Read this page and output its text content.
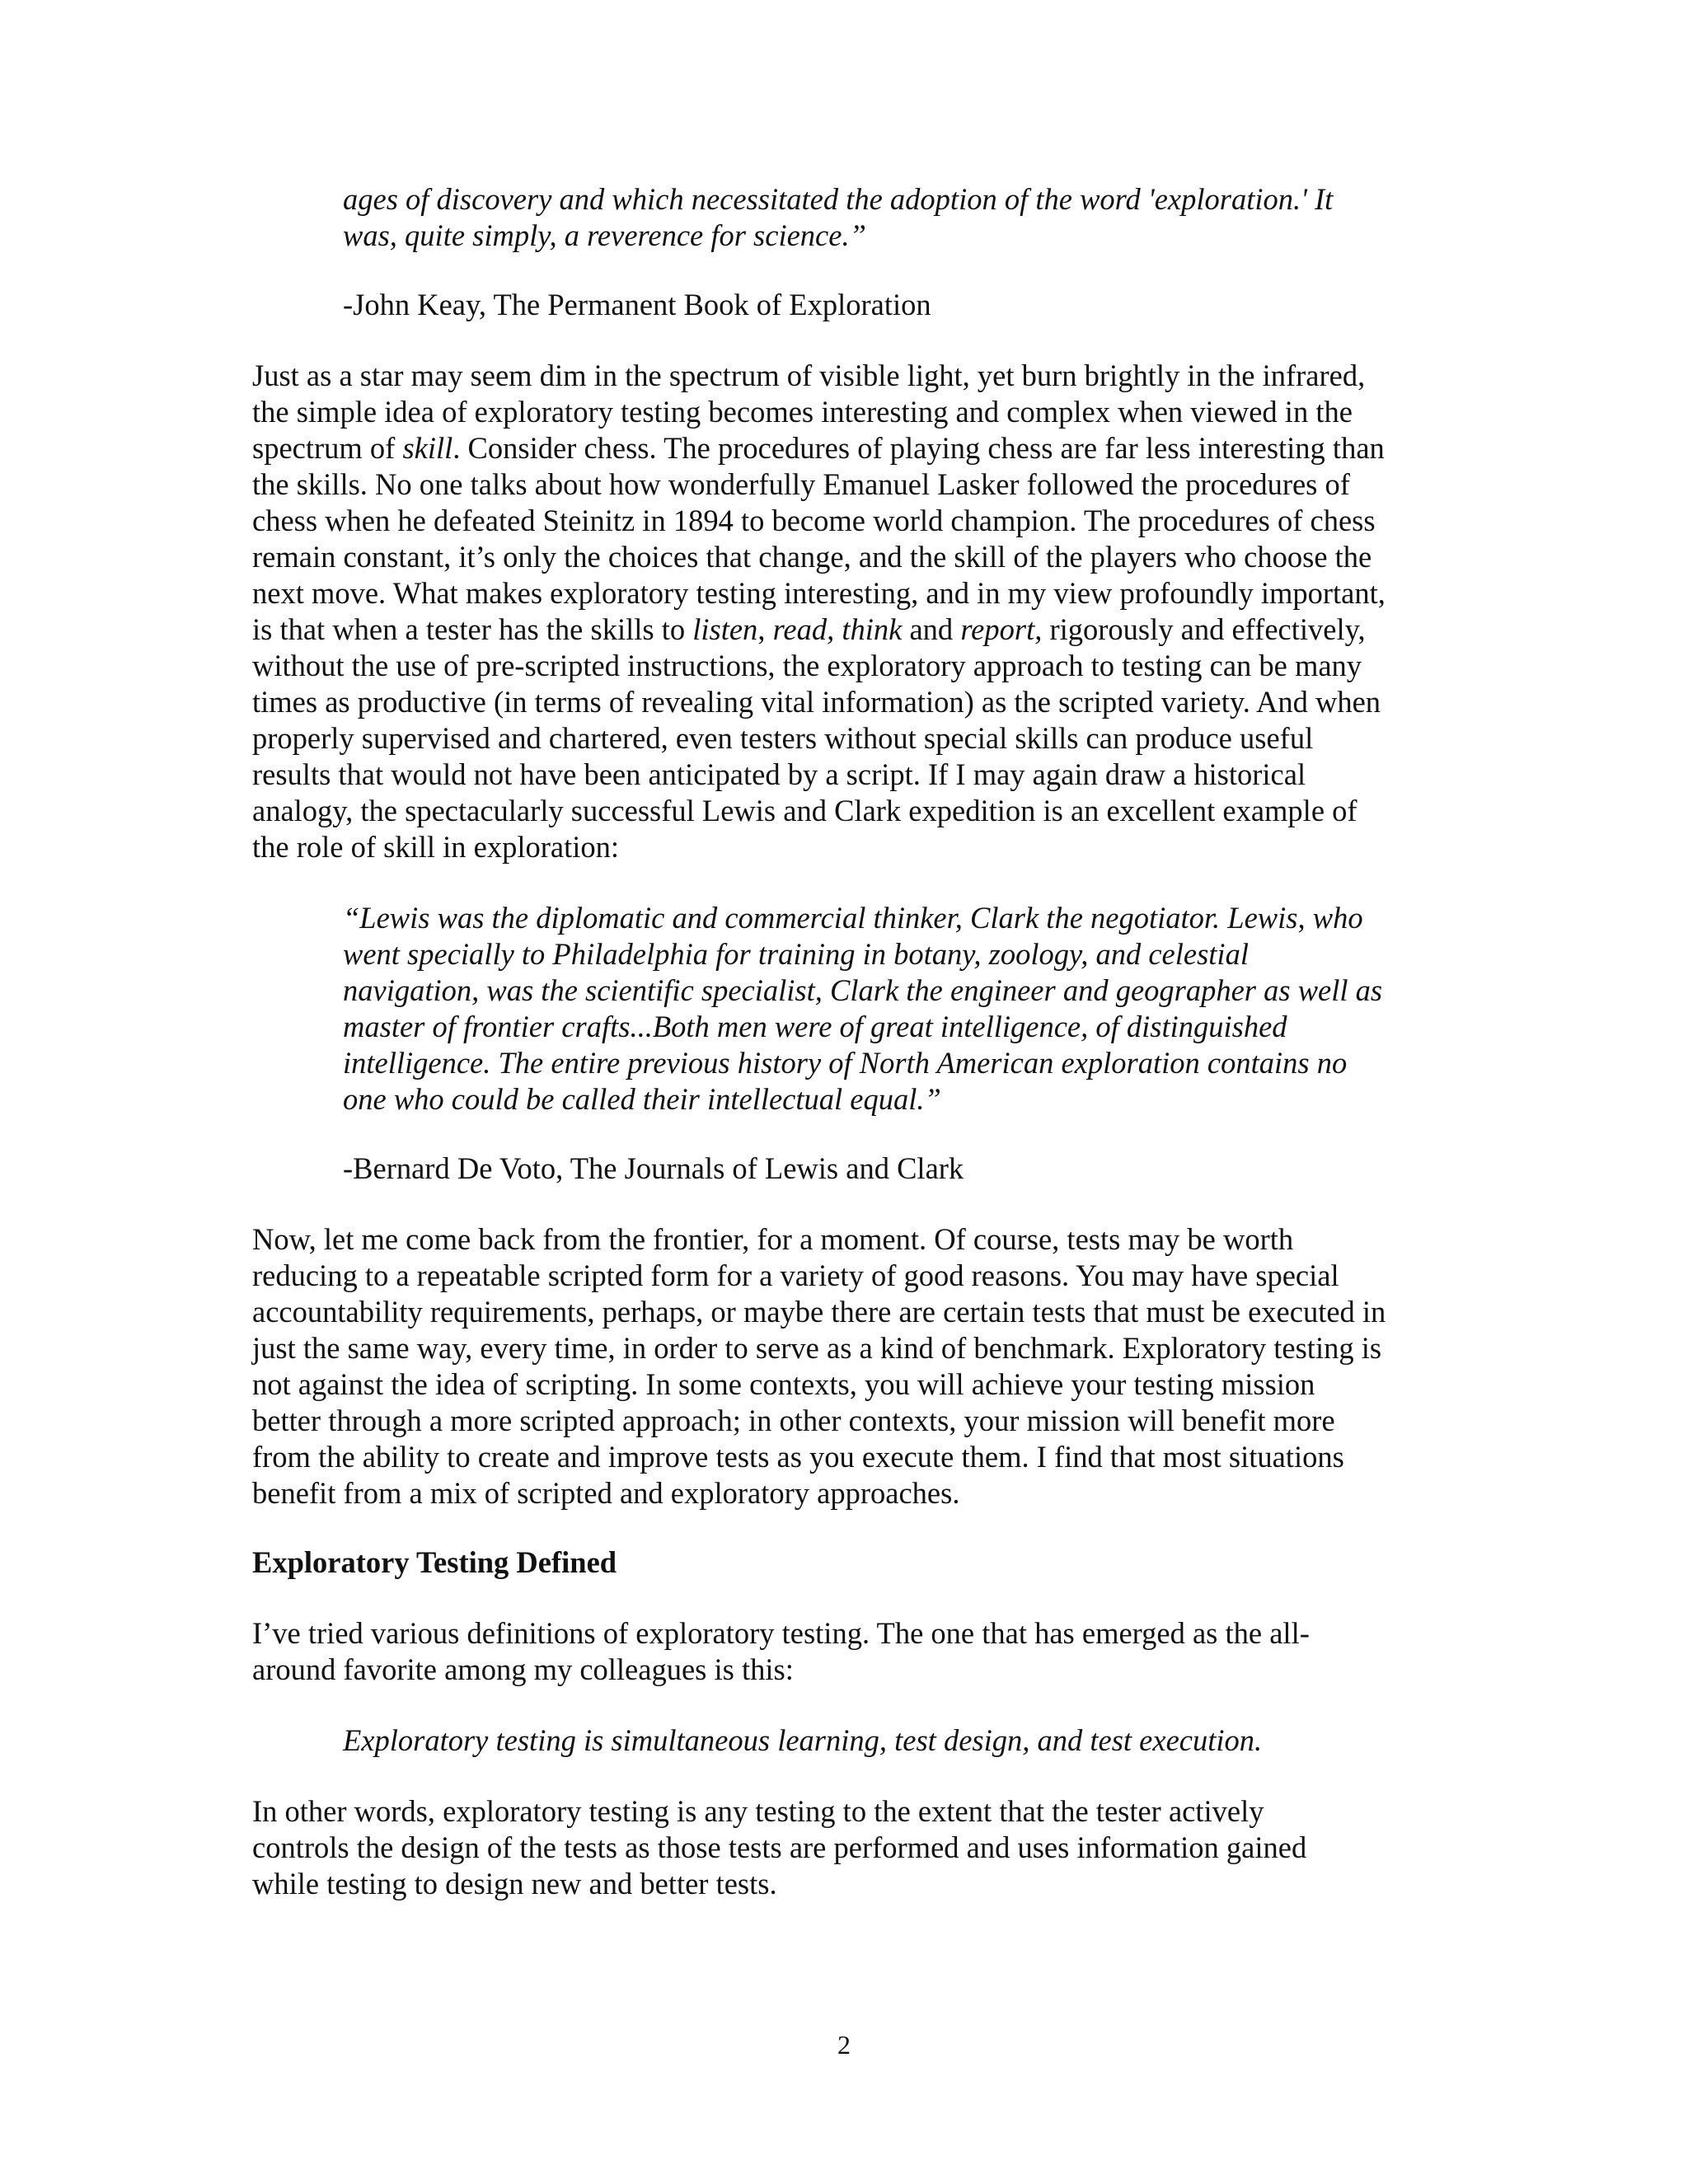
ages of discovery and which necessitated the adoption of the word 'exploration.' It
was, quite simply, a reverence for science.”
-John Keay, The Permanent Book of Exploration
Just as a star may seem dim in the spectrum of visible light, yet burn brightly in the infrared,
the simple idea of exploratory testing becomes interesting and complex when viewed in the
spectrum of skill. Consider chess. The procedures of playing chess are far less interesting than
the skills. No one talks about how wonderfully Emanuel Lasker followed the procedures of
chess when he defeated Steinitz in 1894 to become world champion. The procedures of chess
remain constant, it’s only the choices that change, and the skill of the players who choose the
next move. What makes exploratory testing interesting, and in my view profoundly important,
is that when a tester has the skills to listen, read, think and report, rigorously and effectively,
without the use of pre-scripted instructions, the exploratory approach to testing can be many
times as productive (in terms of revealing vital information) as the scripted variety. And when
properly supervised and chartered, even testers without special skills can produce useful
results that would not have been anticipated by a script. If I may again draw a historical
analogy, the spectacularly successful Lewis and Clark expedition is an excellent example of
the role of skill in exploration:
“Lewis was the diplomatic and commercial thinker, Clark the negotiator. Lewis, who
went specially to Philadelphia for training in botany, zoology, and celestial
navigation, was the scientific specialist, Clark the engineer and geographer as well as
master of frontier crafts...Both men were of great intelligence, of distinguished
intelligence. The entire previous history of North American exploration contains no
one who could be called their intellectual equal.”
-Bernard De Voto, The Journals of Lewis and Clark
Now, let me come back from the frontier, for a moment. Of course, tests may be worth
reducing to a repeatable scripted form for a variety of good reasons. You may have special
accountability requirements, perhaps, or maybe there are certain tests that must be executed in
just the same way, every time, in order to serve as a kind of benchmark. Exploratory testing is
not against the idea of scripting. In some contexts, you will achieve your testing mission
better through a more scripted approach; in other contexts, your mission will benefit more
from the ability to create and improve tests as you execute them. I find that most situations
benefit from a mix of scripted and exploratory approaches.
Exploratory Testing Defined
I’ve tried various definitions of exploratory testing. The one that has emerged as the all-
around favorite among my colleagues is this:
Exploratory testing is simultaneous learning, test design, and test execution.
In other words, exploratory testing is any testing to the extent that the tester actively
controls the design of the tests as those tests are performed and uses information gained
while testing to design new and better tests.
2
